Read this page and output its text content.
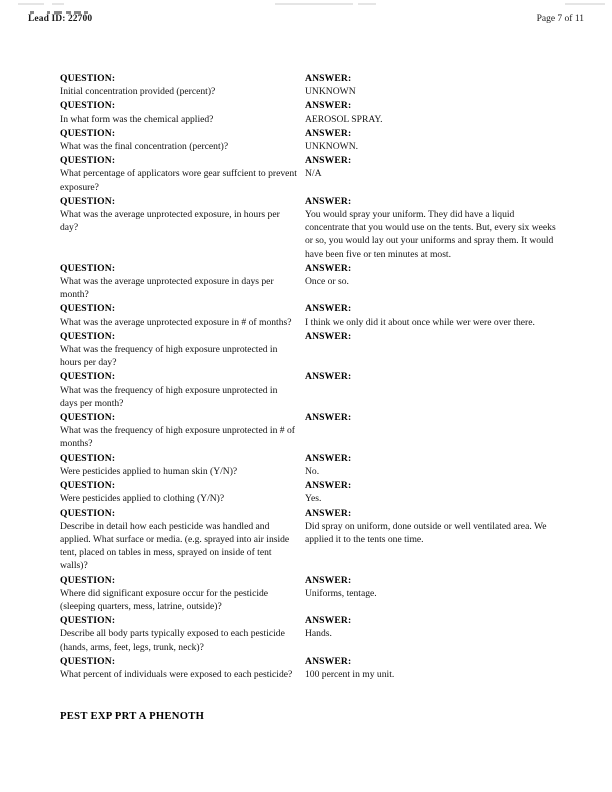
Lead ID: 22700	Page 7 of 11
QUESTION:
Initial concentration provided (percent)?
ANSWER:
UNKNOWN
QUESTION:
In what form was the chemical applied?
ANSWER:
AEROSOL SPRAY.
QUESTION:
What was the final concentration (percent)?
ANSWER:
UNKNOWN.
QUESTION:
What percentage of applicators wore gear suffcient to prevent exposure?
ANSWER:
N/A
QUESTION:
What was the average unprotected exposure, in hours per day?
ANSWER:
You would spray your uniform. They did have a liquid concentrate that you would use on the tents. But, every six weeks or so, you would lay out your uniforms and spray them. It would have been five or ten minutes at most.
QUESTION:
What was the average unprotected exposure in days per month?
ANSWER:
Once or so.
QUESTION:
What was the average unprotected exposure in # of months?
ANSWER:
I think we only did it about once while wer were over there.
QUESTION:
What was the frequency of high exposure unprotected in hours per day?
ANSWER:
QUESTION:
What was the frequency of high exposure unprotected in days per month?
ANSWER:
QUESTION:
What was the frequency of high exposure unprotected in # of months?
ANSWER:
QUESTION:
Were pesticides applied to human skin (Y/N)?
ANSWER:
No.
QUESTION:
Were pesticides applied to clothing (Y/N)?
ANSWER:
Yes.
QUESTION:
Describe in detail how each pesticide was handled and applied. What surface or media. (e.g. sprayed into air inside tent, placed on tables in mess, sprayed on inside of tent walls)?
ANSWER:
Did spray on uniform, done outside or well ventilated area. We applied it to the tents one time.
QUESTION:
Where did significant exposure occur for the pesticide (sleeping quarters, mess, latrine, outside)?
ANSWER:
Uniforms, tentage.
QUESTION:
Describe all body parts typically exposed to each pesticide (hands, arms, feet, legs, trunk, neck)?
ANSWER:
Hands.
QUESTION:
What percent of individuals were exposed to each pesticide?
ANSWER:
100 percent in my unit.
PEST EXP PRT A PHENOTH
